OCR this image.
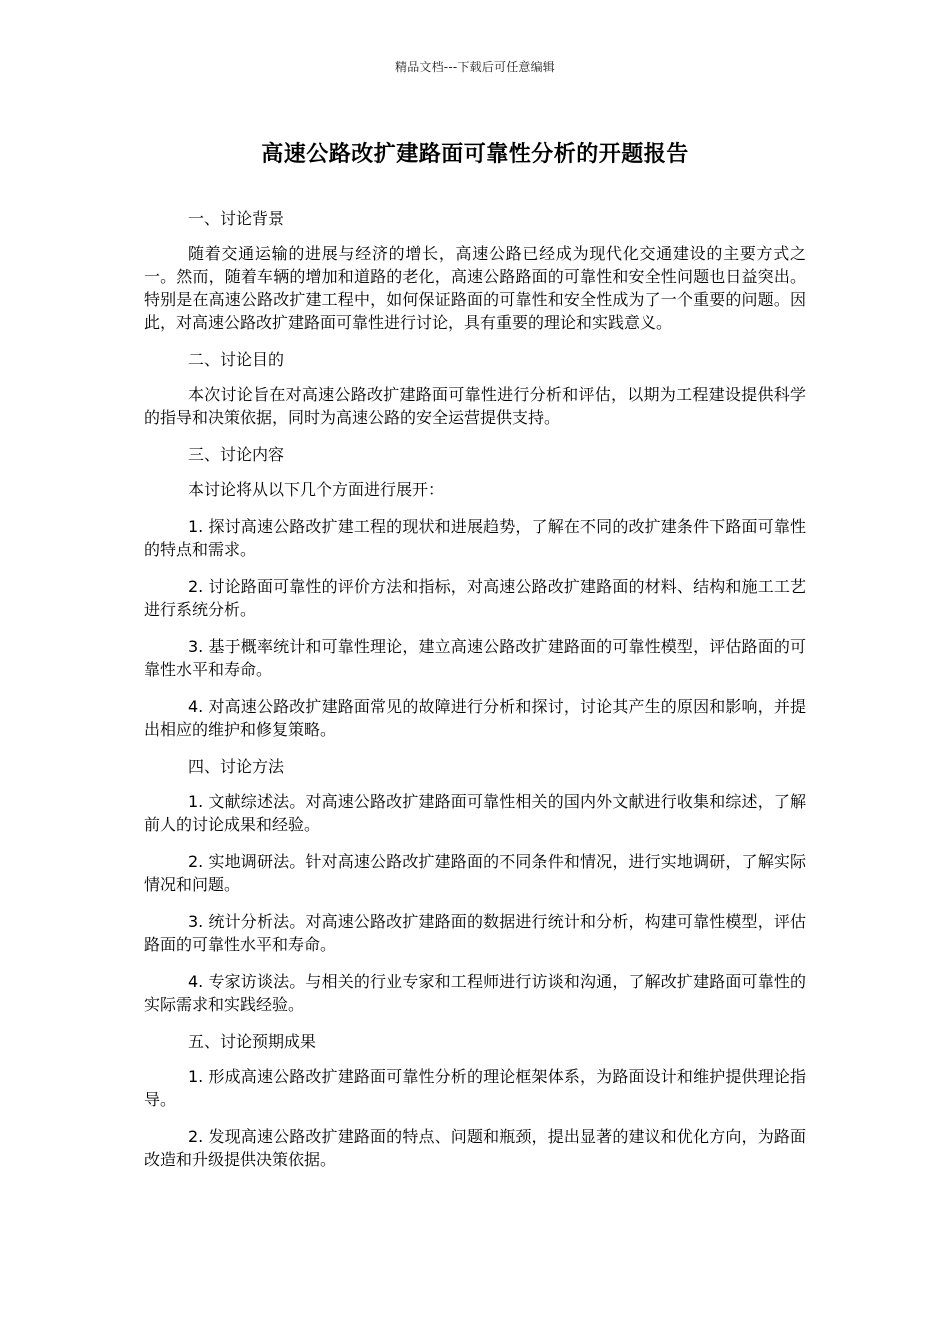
精品文档---下载后可任意编辑
高速公路改扩建路面可靠性分析的开题报告

一、讨论背景

随着交通运输的进展与经济的增长，高速公路已经成为现代化交通建设的主要方式之一。然而，随着车辆的增加和道路的老化，高速公路路面的可靠性和安全性问题也日益突出。特别是在高速公路改扩建工程中，如何保证路面的可靠性和安全性成为了一个重要的问题。因此，对高速公路改扩建路面可靠性进行讨论，具有重要的理论和实践意义。

二、讨论目的

本次讨论旨在对高速公路改扩建路面可靠性进行分析和评估，以期为工程建设提供科学的指导和决策依据，同时为高速公路的安全运营提供支持。

三、讨论内容

本讨论将从以下几个方面进行展开：

1. 探讨高速公路改扩建工程的现状和进展趋势，了解在不同的改扩建条件下路面可靠性的特点和需求。

2. 讨论路面可靠性的评价方法和指标，对高速公路改扩建路面的材料、结构和施工工艺进行系统分析。

3. 基于概率统计和可靠性理论，建立高速公路改扩建路面的可靠性模型，评估路面的可靠性水平和寿命。

4. 对高速公路改扩建路面常见的故障进行分析和探讨，讨论其产生的原因和影响，并提出相应的维护和修复策略。

四、讨论方法

1. 文献综述法。对高速公路改扩建路面可靠性相关的国内外文献进行收集和综述，了解前人的讨论成果和经验。

2. 实地调研法。针对高速公路改扩建路面的不同条件和情况，进行实地调研，了解实际情况和问题。

3. 统计分析法。对高速公路改扩建路面的数据进行统计和分析，构建可靠性模型，评估路面的可靠性水平和寿命。

4. 专家访谈法。与相关的行业专家和工程师进行访谈和沟通，了解改扩建路面可靠性的实际需求和实践经验。

五、讨论预期成果

1. 形成高速公路改扩建路面可靠性分析的理论框架体系，为路面设计和维护提供理论指导。

2. 发现高速公路改扩建路面的特点、问题和瓶颈，提出显著的建议和优化方向，为路面改造和升级提供决策依据。
